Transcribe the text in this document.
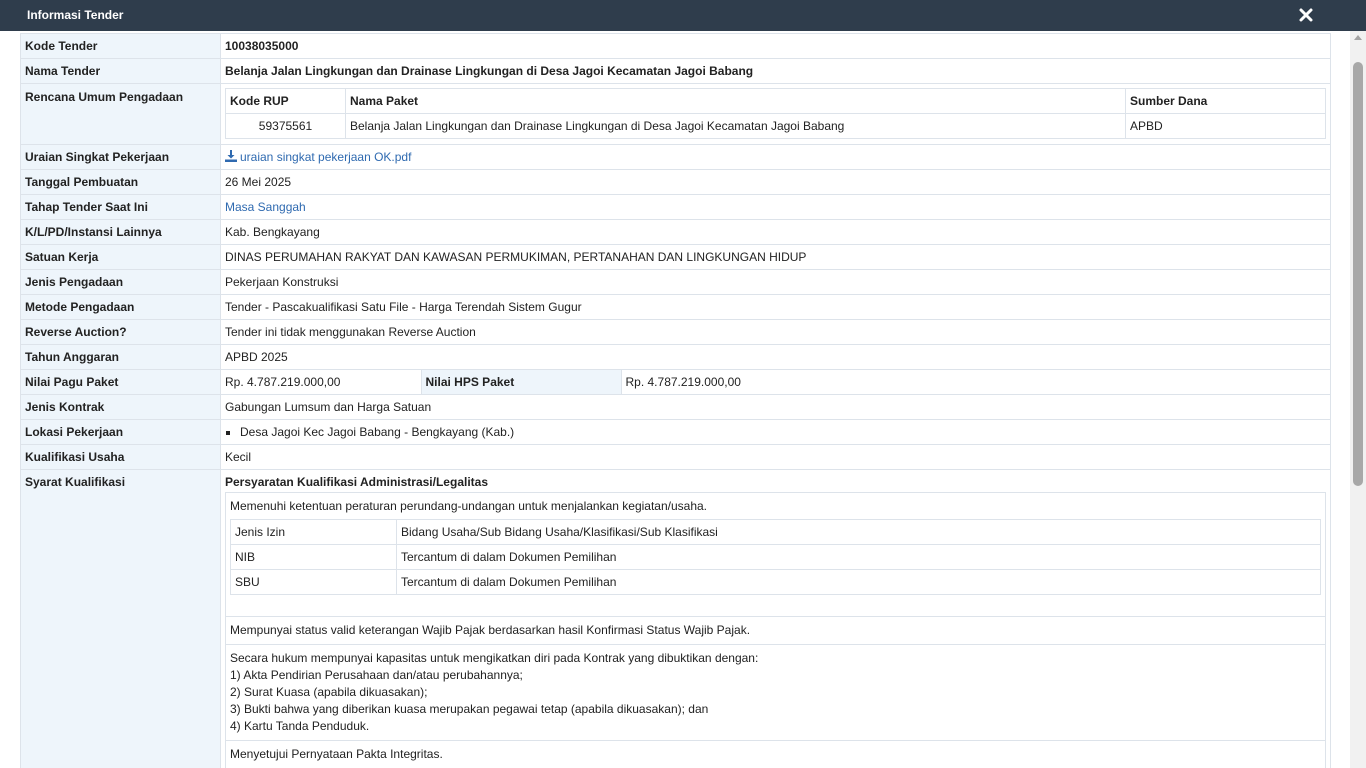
Informasi Tender
Kode Tender	10038035000
Nama Tender	Belanja Jalan Lingkungan dan Drainase Lingkungan di Desa Jagoi Kecamatan Jagoi Babang
Rencana Umum Pengadaan		Kode RUP	Nama Paket	Sumber Dana
59375561	Belanja Jalan Lingkungan dan Drainase Lingkungan di Desa Jagoi Kecamatan Jagoi Babang	APBD

Uraian Singkat Pekerjaan	uraian singkat pekerjaan OK.pdf
Tanggal Pembuatan	26 Mei 2025
Tahap Tender Saat Ini	Masa Sanggah
K/L/PD/Instansi Lainnya	Kab. Bengkayang
Satuan Kerja	DINAS PERUMAHAN RAKYAT DAN KAWASAN PERMUKIMAN, PERTANAHAN DAN LINGKUNGAN HIDUP
Jenis Pengadaan	Pekerjaan Konstruksi
Metode Pengadaan	Tender - Pascakualifikasi Satu File - Harga Terendah Sistem Gugur
Reverse Auction?	Tender ini tidak menggunakan Reverse Auction
Tahun Anggaran	APBD 2025
Nilai Pagu Paket		Rp. 4.787.219.000,00	Nilai HPS Paket	Rp. 4.787.219.000,00

Jenis Kontrak	Gabungan Lumsum dan Harga Satuan
Lokasi Pekerjaan	
▪Desa Jagoi Kec Jagoi Babang - Bengkayang (Kab.)

Kualifikasi Usaha	Kecil
Syarat Kualifikasi	Persyaratan Kualifikasi Administrasi/Legalitas
Memenuhi ketentuan peraturan perundang-undangan untuk menjalankan kegiatan/usaha.
Jenis Izin	Bidang Usaha/Sub Bidang Usaha/Klasifikasi/Sub Klasifikasi
NIB	Tercantum di dalam Dokumen Pemilihan
SBU	Tercantum di dalam Dokumen Pemilihan
Mempunyai status valid keterangan Wajib Pajak berdasarkan hasil Konfirmasi Status Wajib Pajak.
Secara hukum mempunyai kapasitas untuk mengikatkan diri pada Kontrak yang dibuktikan dengan:
1) Akta Pendirian Perusahaan dan/atau perubahannya;
2) Surat Kuasa (apabila dikuasakan);
3) Bukti bahwa yang diberikan kuasa merupakan pegawai tetap (apabila dikuasakan); dan
4) Kartu Tanda Penduduk.
Menyetujui Pernyataan Pakta Integritas.
